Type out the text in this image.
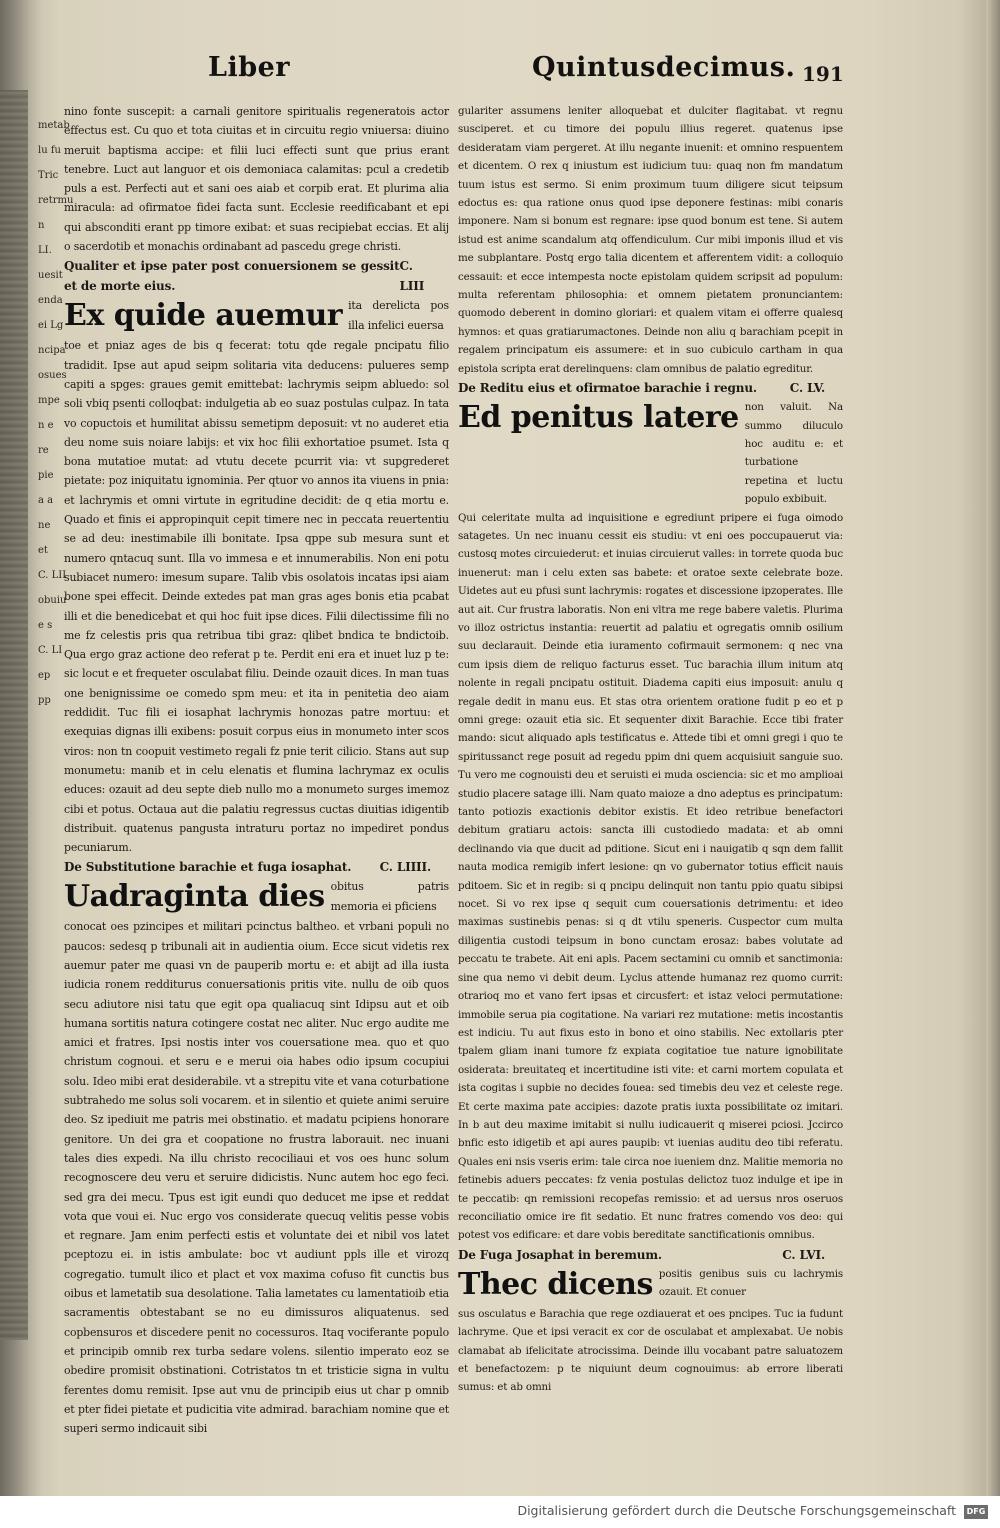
metab
lu fu
Tric
retrmu
n
LI.
uesit
enda
ei Lg
ncipa
osues
mpe
n e
re
pie
a a
ne
et
C. LII
obuiu
e s
C. LI
ep
pp
Liber	Quintusdecimus. 191

nino fonte suscepit: a carnali genitore spiritualis regeneratois actor effectus est. Cu quo et tota ciuitas et in circuitu regio vniuersa: diuino meruit baptisma accipe: et filii luci effecti sunt que prius erant tenebre. Luct aut languor et ois demoniaca calamitas: pcul a credetib puls a est. Perfecti aut et sani oes aiab et corpib erat. Et plurima alia miracula: ad ofirmatoe fidei facta sunt. Ecclesie reedificabant et epi qui absconditi erant pp timore exibat: et suas recipiebat eccias. Et alij o sacerdotib et monachis ordinabant ad pascedu grege christi.

Qualiter et ipse pater post conuersionem se gessit et de morte eius.
C. LIII
Ex quide auemur ita derelicta pos illa infelici euersa

toe et pniaz ages de bis q fecerat: totu qde regale pncipatu filio tradidit. Ipse aut apud seipm solitaria vita deducens: pulueres semp capiti a spges: graues gemit emittebat: lachrymis seipm abluedo: sol soli vbiq psenti colloqbat: indulgetia ab eo suaz postulas culpaz. In tata vo copuctois et humilitat abissu semetipm deposuit: vt no auderet etia deu nome suis noiare labijs: et vix hoc filii exhortatioe psumet. Ista q bona mutatioe mutat: ad vtutu decete pcurrit via: vt supgrederet pietate: poz iniquitatu ignominia. Per qtuor vo annos ita viuens in pnia: et lachrymis et omni virtute in egritudine decidit: de q etia mortu e. Quado et finis ei appropinquit cepit timere nec in peccata reuertentiu se ad deu: inestimabile illi bonitate. Ipsa qppe sub mesura sunt et numero qntacuq sunt. Illa vo immesa e et innumerabilis. Non eni potu subiacet numero: imesum supare. Talib vbis osolatois incatas ipsi aiam bone spei effecit. Deinde extedes pat man gras ages bonis etia pcabat illi et die benedicebat et qui hoc fuit ipse dices. Filii dilectissime fili no me fz celestis pris qua retribua tibi graz: qlibet bndica te bndictoib. Qua ergo graz actione deo referat p te. Perdit eni era et inuet luz p te: sic locut e et frequeter osculabat filiu. Deinde ozauit dices. In man tuas one benignissime oe comedo spm meu: et ita in penitetia deo aiam reddidit. Tuc fili ei iosaphat lachrymis honozas patre mortuu: et exequias dignas illi exibens: posuit corpus eius in monumeto inter scos viros: non tn coopuit vestimeto regali fz pnie terit cilicio. Stans aut sup monumetu: manib et in celu elenatis et flumina lachrymaz ex oculis educes: ozauit ad deu septe dieb nullo mo a monumeto surges imemoz cibi et potus. Octaua aut die palatiu regressus cuctas diuitias idigentib distribuit. quatenus pangusta intraturu portaz no impediret pondus pecuniarum.

De Substitutione barachie et fuga iosaphat. C. LIIII.
Uadraginta dies obitus patris memoria ei pficiens

conocat oes pzincipes et militari pcinctus baltheo. et vrbani populi no paucos: sedesq p tribunali ait in audientia oium. Ecce sicut videtis rex auemur pater me quasi vn de pauperib mortu e: et abijt ad illa iusta iudicia ronem redditurus conuersationis pritis vite. nullu de oib quos secu adiutore nisi tatu que egit opa qualiacuq sint Idipsu aut et oib humana sortitis natura cotingere costat nec aliter. Nuc ergo audite me amici et fratres. Ipsi nostis inter vos couersatione mea. quo et quo christum cognoui. et seru e e merui oia habes odio ipsum cocupiui solu. Ideo mibi erat desiderabile. vt a strepitu vite et vana coturbatione subtrahedo me solus soli vocarem. et in silentio et quiete animi seruire deo. Sz ipediuit me patris mei obstinatio. et madatu pcipiens honorare genitore. Un dei gra et coopatione no frustra laborauit. nec inuani tales dies expedi. Na illu christo recociliaui et vos oes hunc solum recognoscere deu veru et seruire didicistis. Nunc autem hoc ego feci. sed gra dei mecu. Tpus est igit eundi quo deducet me ipse et reddat vota que voui ei. Nuc ergo vos considerate quecuq velitis pesse vobis et regnare. Jam enim perfecti estis et voluntate dei et nibil vos latet pceptozu ei. in istis ambulate: boc vt audiunt ppls ille et virozq cogregatio. tumult ilico et plact et vox maxima cofuso fit cunctis bus oibus et lametatib sua desolatione. Talia lametates cu lamentatioib etia sacramentis obtestabant se no eu dimissuros aliquatenus. sed copbensuros et discedere penit no cocessuros. Itaq vociferante populo et principib omnib rex turba sedare volens. silentio imperato eoz se obedire promisit obstinationi. Cotristatos tn et tristicie signa in vultu ferentes domu remisit. Ipse aut vnu de principib eius ut char p omnib et pter fidei pietate et pudicitia vite admirad. barachiam nomine que et superi sermo indicauit sibi

gulariter assumens leniter alloquebat et dulciter flagitabat. vt regnu susciperet. et cu timore dei populu illius regeret. quatenus ipse desideratam viam pergeret. At illu negante inuenit: et omnino respuentem et dicentem. O rex q iniustum est iudicium tuu: quaq non fm mandatum tuum istus est sermo. Si enim proximum tuum diligere sicut teipsum edoctus es: qua ratione onus quod ipse deponere festinas: mibi conaris imponere. Nam si bonum est regnare: ipse quod bonum est tene. Si autem istud est anime scandalum atq offendiculum. Cur mibi imponis illud et vis me subplantare. Postq ergo talia dicentem et afferentem vidit: a colloquio cessauit: et ecce intempesta nocte epistolam quidem scripsit ad populum: multa referentam philosophia: et omnem pietatem pronunciantem: quomodo deberent in domino gloriari: et qualem vitam ei offerre qualesq hymnos: et quas gratiarumactones. Deinde non aliu q barachiam pcepit in regalem principatum eis assumere: et in suo cubiculo cartham in qua epistola scripta erat derelinquens: clam omnibus de palatio egreditur.

De Reditu eius et ofirmatoe barachie i regnu.	C. LV.
Ed penitus latere non valuit. Na summo diluculo hoc auditu e: et turbatione repetina et luctu populo exbibuit.

Qui celeritate multa ad inquisitione e egrediunt pripere ei fuga oimodo satagetes. Un nec inuanu cessit eis studiu: vt eni oes poccupauerut via: custosq motes circuiederut: et inuias circuierut valles: in torrete quoda buc inuenerut: man i celu exten sas babete: et oratoe sexte celebrate boze. Uidetes aut eu pfusi sunt lachrymis: rogates et discessione ipzoperates. Ille aut ait. Cur frustra laboratis. Non eni vltra me rege babere valetis. Plurima vo illoz ostrictus instantia: reuertit ad palatiu et ogregatis omnib osilium suu declarauit. Deinde etia iuramento cofirmauit sermonem: q nec vna cum ipsis diem de reliquo facturus esset. Tuc barachia illum initum atq nolente in regali pncipatu ostituit. Diadema capiti eius imposuit: anulu q regale dedit in manu eus. Et stas otra orientem oratione fudit p eo et p omni grege: ozauit etia sic. Et sequenter dixit Barachie. Ecce tibi frater mando: sicut aliquado apls testificatus e. Attede tibi et omni gregi i quo te spiritussanct rege posuit ad regedu ppim dni quem acquisiuit sanguie suo. Tu vero me cognouisti deu et seruisti ei muda osciencia: sic et mo amplioai studio placere satage illi. Nam quato maioze a dno adeptus es principatum: tanto potiozis exactionis debitor existis. Et ideo retribue benefactori debitum gratiaru actois: sancta illi custodiedo madata: et ab omni declinando via que ducit ad pditione. Sicut eni i nauigatib q sqn dem fallit nauta modica remigib infert lesione: qn vo gubernator totius efficit nauis pditoem. Sic et in regib: si q pncipu delinquit non tantu ppio quatu sibipsi nocet. Si vo rex ipse q sequit cum couersationis detrimentu: et ideo maximas sustinebis penas: si q dt vtilu speneris. Cuspector cum multa diligentia custodi teipsum in bono cunctam erosaz: babes volutate ad peccatu te trabete. Ait eni apls. Pacem sectamini cu omnib et sanctimonia: sine qua nemo vi debit deum. Lyclus attende humanaz rez quomo currit: otrarioq mo et vano fert ipsas et circusfert: et istaz veloci permutatione: immobile serua pia cogitatione. Na variari rez mutatione: metis incostantis est indiciu. Tu aut fixus esto in bono et oino stabilis. Nec extollaris pter tpalem gliam inani tumore fz expiata cogitatioe tue nature ignobilitate osiderata: breuitateq et incertitudine isti vite: et carni mortem copulata et ista cogitas i supbie no decides fouea: sed timebis deu vez et celeste rege. Et certe maxima pate accipies: dazote pratis iuxta possibilitate oz imitari. In b aut deu maxime imitabit si nullu iudicauerit q miserei pciosi. Jccirco bnfic esto idigetib et api aures paupib: vt iuenias auditu deo tibi referatu. Quales eni nsis vseris erim: tale circa noe iueniem dnz. Malitie memoria no fetinebis aduers peccates: fz venia postulas delictoz tuoz indulge et ipe in te peccatib: qn remissioni recopefas remissio: et ad uersus nros oseruos reconciliatio omice ire fit sedatio. Et nunc fratres comendo vos deo: qui potest vos edificare: et dare vobis bereditate sanctificationis omnibus.

De Fuga Josaphat in beremum.	C. LVI.
Thec dicens positis genibus suis cu lachrymis ozauit. Et conuer

sus osculatus e Barachia que rege ozdiauerat et oes pncipes. Tuc ia fudunt lachryme. Que et ipsi veracit ex cor de osculabat et amplexabat. Ue nobis clamabat ab ifelicitate atrocissima. Deinde illu vocabant patre saluatozem et benefactozem: p te niquiunt deum cognouimus: ab errore liberati sumus: et ab omni

Digitalisierung gefördert durch die Deutsche Forschungsgemeinschaft	DFG
